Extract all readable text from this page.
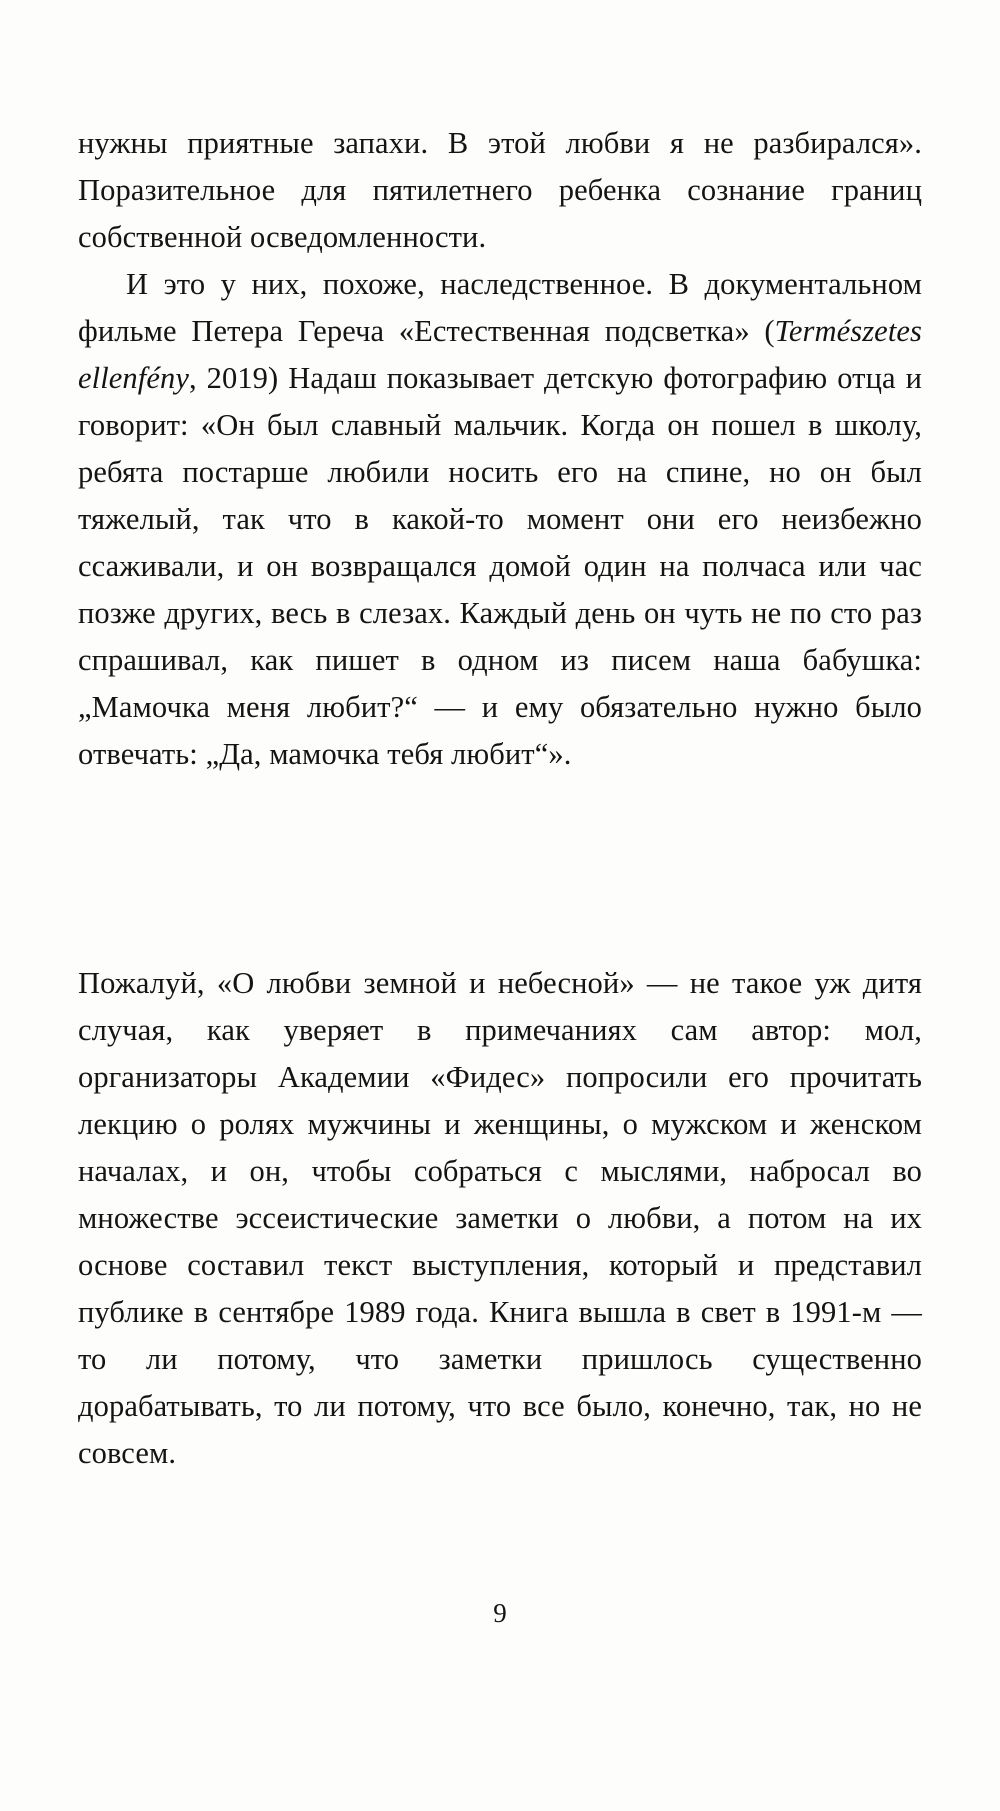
нужны приятные запахи. В этой любви я не разбирался». Поразительное для пятилетнего ребенка сознание границ собственной осведомленности.

И это у них, похоже, наследственное. В документальном фильме Петера Гереча «Естественная подсветка» (Természetes ellenfény, 2019) Надаш показывает детскую фотографию отца и говорит: «Он был славный мальчик. Когда он пошел в школу, ребята постарше любили носить его на спине, но он был тяжелый, так что в какой-то момент они его неизбежно ссаживали, и он возвращался домой один на полчаса или час позже других, весь в слезах. Каждый день он чуть не по сто раз спрашивал, как пишет в одном из писем наша бабушка: „Мамочка меня любит?“ — и ему обязательно нужно было отвечать: „Да, мамочка тебя любит“».

Пожалуй, «О любви земной и небесной» — не такое уж дитя случая, как уверяет в примечаниях сам автор: мол, организаторы Академии «Фидес» попросили его прочитать лекцию о ролях мужчины и женщины, о мужском и женском началах, и он, чтобы собраться с мыслями, набросал во множестве эссеистические заметки о любви, а потом на их основе составил текст выступления, который и представил публике в сентябре 1989 года. Книга вышла в свет в 1991-м — то ли потому, что заметки пришлось существенно дорабатывать, то ли потому, что все было, конечно, так, но не совсем.

9
